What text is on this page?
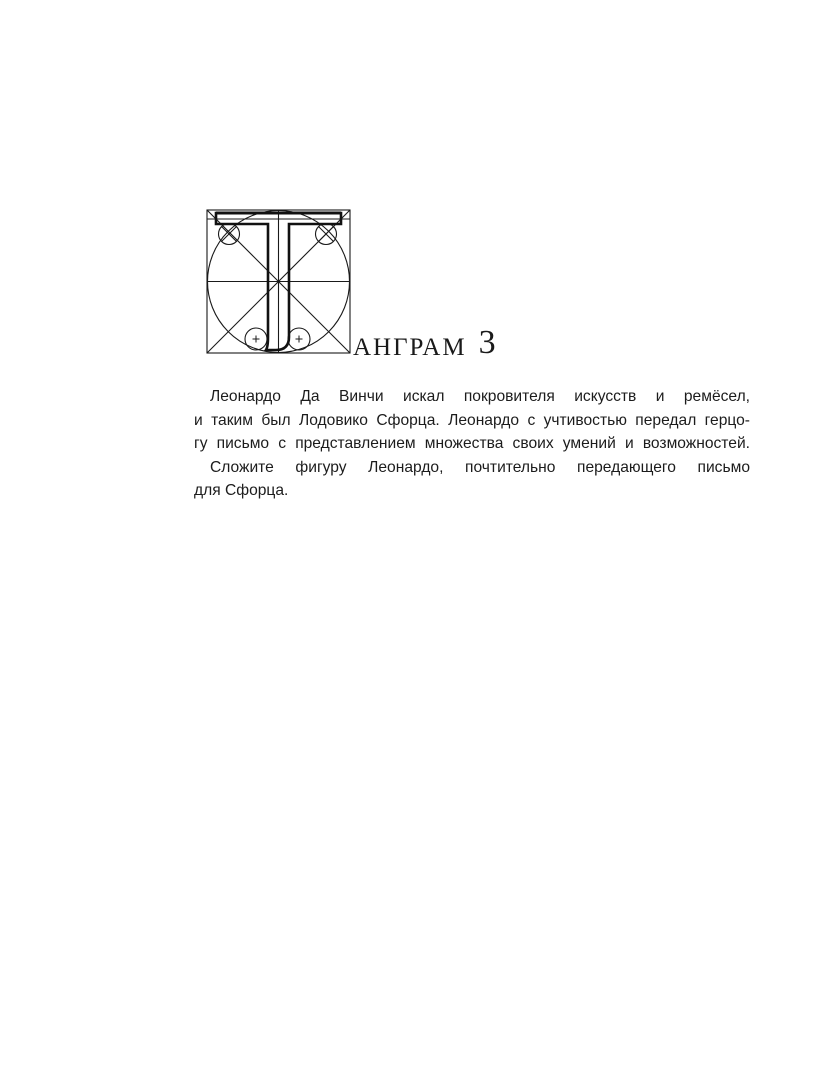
АНГРАМ 3

Леонардо Да Винчи искал покровителя искусств и ремёсел,
и таким был Лодовико Сфорца. Леонардо с учтивостью передал герцо-
гу письмо с представлением множества своих умений и возможностей.

Сложите фигуру Леонардо, почтительно передающего письмо
для Сфорца.
